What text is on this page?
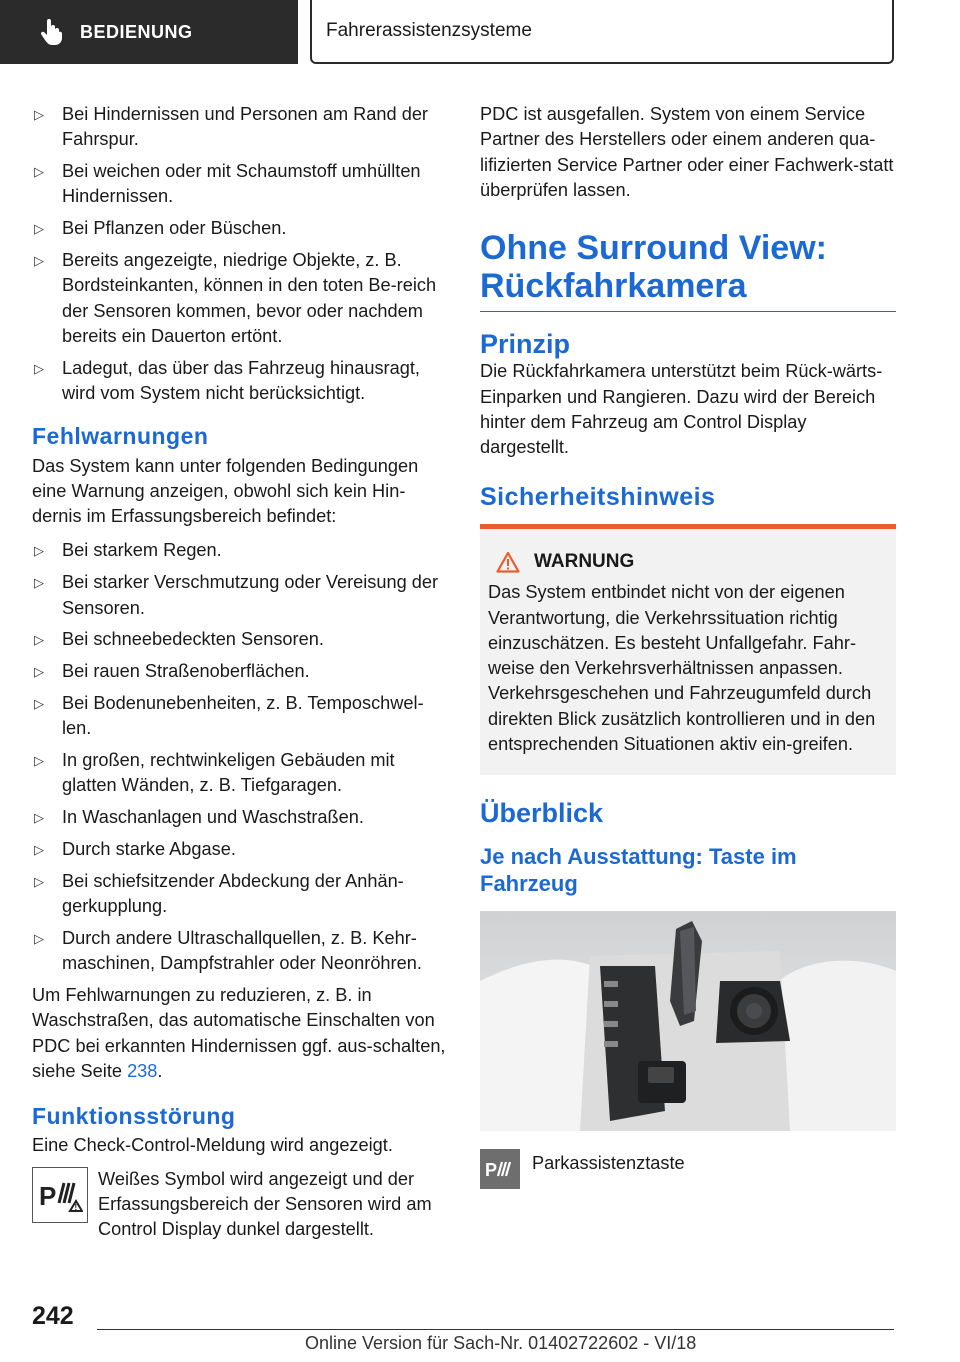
BEDIENUNG	Fahrerassistenzsysteme
▷ Bei Hindernissen und Personen am Rand der Fahrspur.
▷ Bei weichen oder mit Schaumstoff umhüllten Hindernissen.
▷ Bei Pflanzen oder Büschen.
▷ Bereits angezeigte, niedrige Objekte, z. B. Bordsteinkanten, können in den toten Be-reich der Sensoren kommen, bevor oder nachdem bereits ein Dauerton ertönt.
▷ Ladegut, das über das Fahrzeug hinausragt, wird vom System nicht berücksichtigt.
Fehlwarnungen

Das System kann unter folgenden Bedingungen eine Warnung anzeigen, obwohl sich kein Hin-dernis im Erfassungsbereich befindet:

▷ Bei starkem Regen.
▷ Bei starker Verschmutzung oder Vereisung der Sensoren.
▷ Bei schneebedeckten Sensoren.
▷ Bei rauen Straßenoberflächen.
▷ Bei Bodenunebenheiten, z. B. Temposchwel-len.
▷ In großen, rechtwinkeligen Gebäuden mit glatten Wänden, z. B. Tiefgaragen.
▷ In Waschanlagen und Waschstraßen.
▷ Durch starke Abgase.
▷ Bei schiefsitzender Abdeckung der Anhän-gerkupplung.
▷ Durch andere Ultraschallquellen, z. B. Kehr-maschinen, Dampfstrahler oder Neonröhren.

Um Fehlwarnungen zu reduzieren, z. B. in Waschstraßen, das automatische Einschalten von PDC bei erkannten Hindernissen ggf. aus-schalten, siehe Seite 238.

Funktionsstörung

Eine Check-Control-Meldung wird angezeigt.

P !

Weißes Symbol wird angezeigt und der Erfassungsbereich der Sensoren wird am Control Display dunkel dargestellt.

PDC ist ausgefallen. System von einem Service Partner des Herstellers oder einem anderen qua-lifizierten Service Partner oder einer Fachwerk-statt überprüfen lassen.

Ohne Surround View: Rückfahrkamera
Prinzip

Die Rückfahrkamera unterstützt beim Rück-wärts-Einparken und Rangieren. Dazu wird der Bereich hinter dem Fahrzeug am Control Display dargestellt.

Sicherheitshinweis
WARNUNG

Das System entbindet nicht von der eigenen Verantwortung, die Verkehrssituation richtig einzuschätzen. Es besteht Unfallgefahr. Fahr-weise den Verkehrsverhältnissen anpassen. Verkehrsgeschehen und Fahrzeugumfeld durch direkten Blick zusätzlich kontrollieren und in den entsprechenden Situationen aktiv ein-greifen.

Überblick
Je nach Ausstattung: Taste im Fahrzeug
P Parkassistenztaste
242
Online Version für Sach-Nr. 01402722602 - VI/18
